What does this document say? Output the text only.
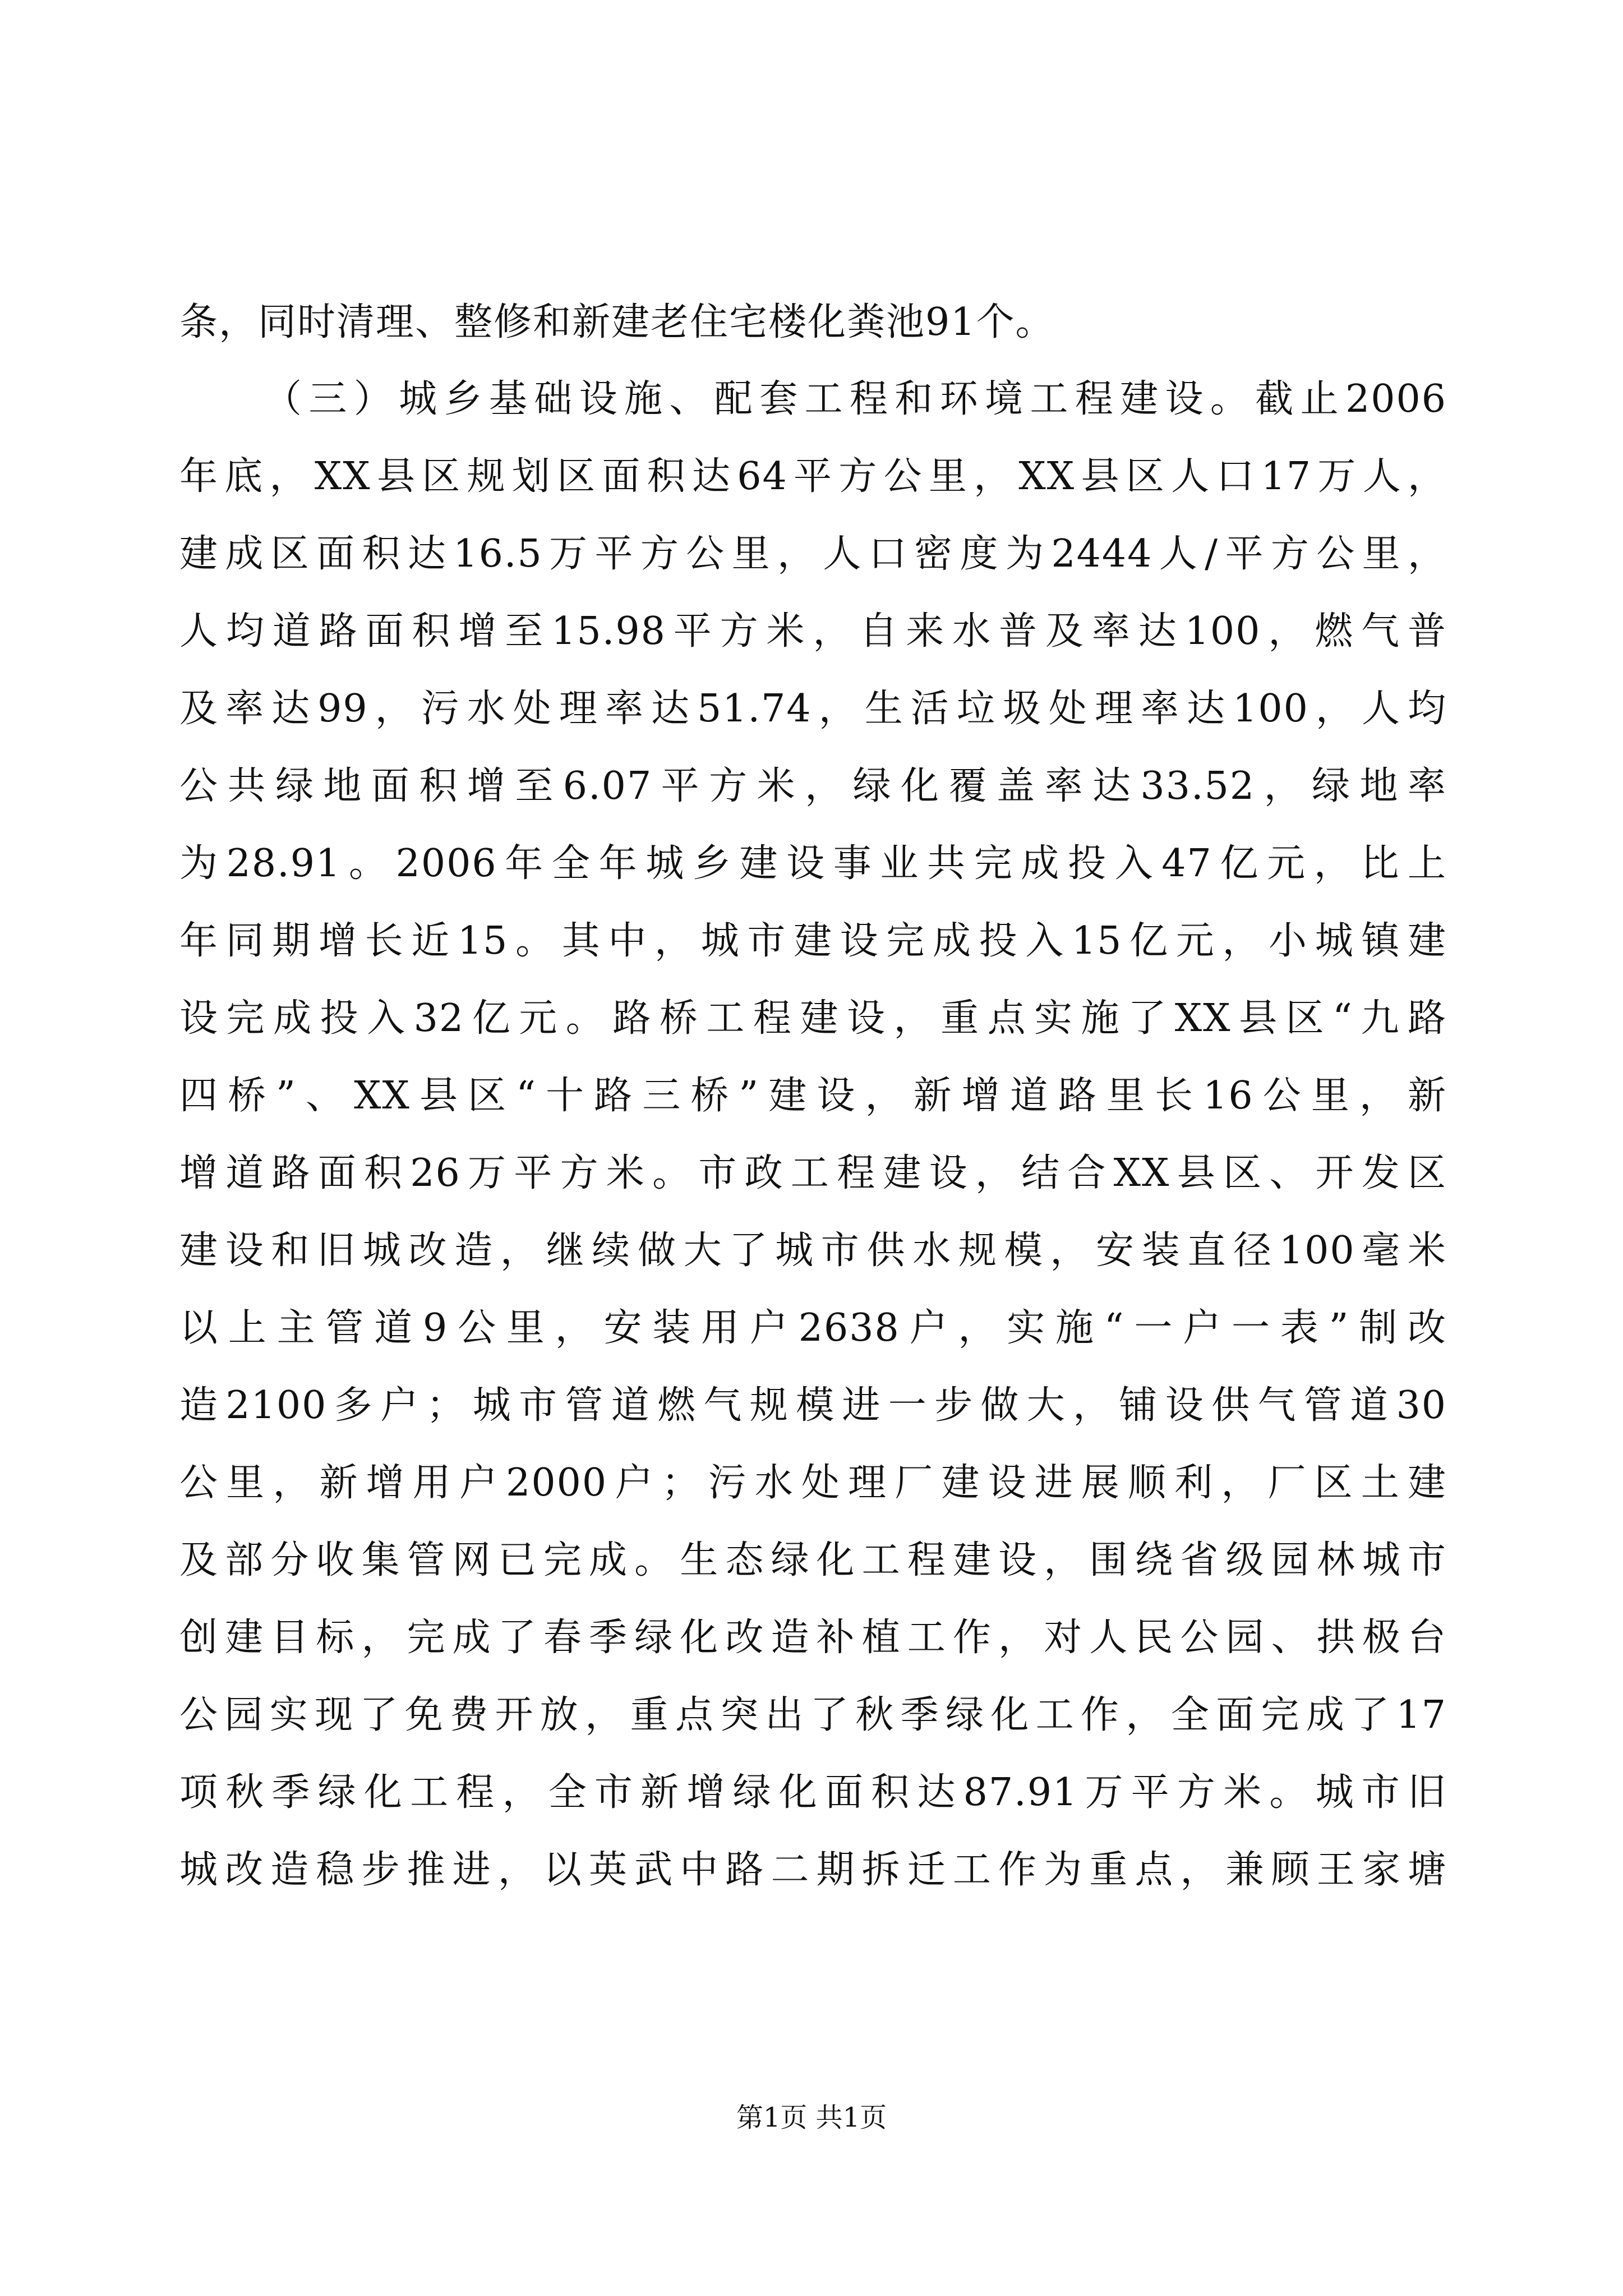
条，同时清理、整修和新建老住宅楼化粪池91个。
（三）城乡基础设施、配套工程和环境工程建设。截止2006
年底，XX县区规划区面积达64平方公里，XX县区人口17万人，
建成区面积达16.5万平方公里，人口密度为2444人/平方公里，
人均道路面积增至15.98平方米，自来水普及率达100，燃气普
及率达99，污水处理率达51.74，生活垃圾处理率达100，人均
公共绿地面积增至6.07平方米，绿化覆盖率达33.52，绿地率
为28.91。2006年全年城乡建设事业共完成投入47亿元，比上
年同期增长近15。其中，城市建设完成投入15亿元，小城镇建
设完成投入32亿元。路桥工程建设，重点实施了XX县区“九路
四桥”、XX县区“十路三桥”建设，新增道路里长16公里，新
增道路面积26万平方米。市政工程建设，结合XX县区、开发区
建设和旧城改造，继续做大了城市供水规模，安装直径100毫米
以上主管道9公里，安装用户2638户，实施“一户一表”制改
造2100多户；城市管道燃气规模进一步做大，铺设供气管道30
公里，新增用户2000户；污水处理厂建设进展顺利，厂区土建
及部分收集管网已完成。生态绿化工程建设，围绕省级园林城市
创建目标，完成了春季绿化改造补植工作，对人民公园、拱极台
公园实现了免费开放，重点突出了秋季绿化工作，全面完成了17
项秋季绿化工程，全市新增绿化面积达87.91万平方米。城市旧
城改造稳步推进，以英武中路二期拆迁工作为重点，兼顾王家塘
第1页 共1页
